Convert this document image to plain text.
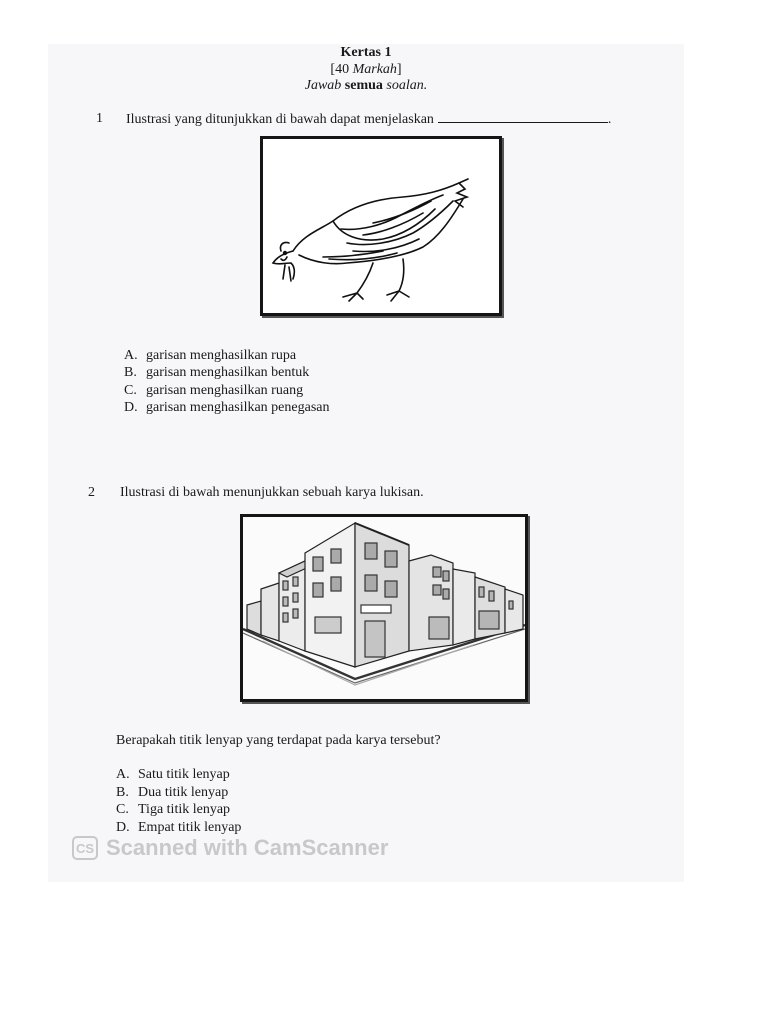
Kertas 1
[40 Markah]
Jawab semua soalan.
1 Ilustrasi yang ditunjukkan di bawah dapat menjelaskan	.
A. garisan menghasilkan rupa
B. garisan menghasilkan bentuk
C. garisan menghasilkan ruang
D. garisan menghasilkan penegasan
2 Ilustrasi di bawah menunjukkan sebuah karya lukisan.
Berapakah titik lenyap yang terdapat pada karya tersebut?
A. Satu titik lenyap
B. Dua titik lenyap
C. Tiga titik lenyap
D. Empat titik lenyap
CS Scanned with CamScanner
